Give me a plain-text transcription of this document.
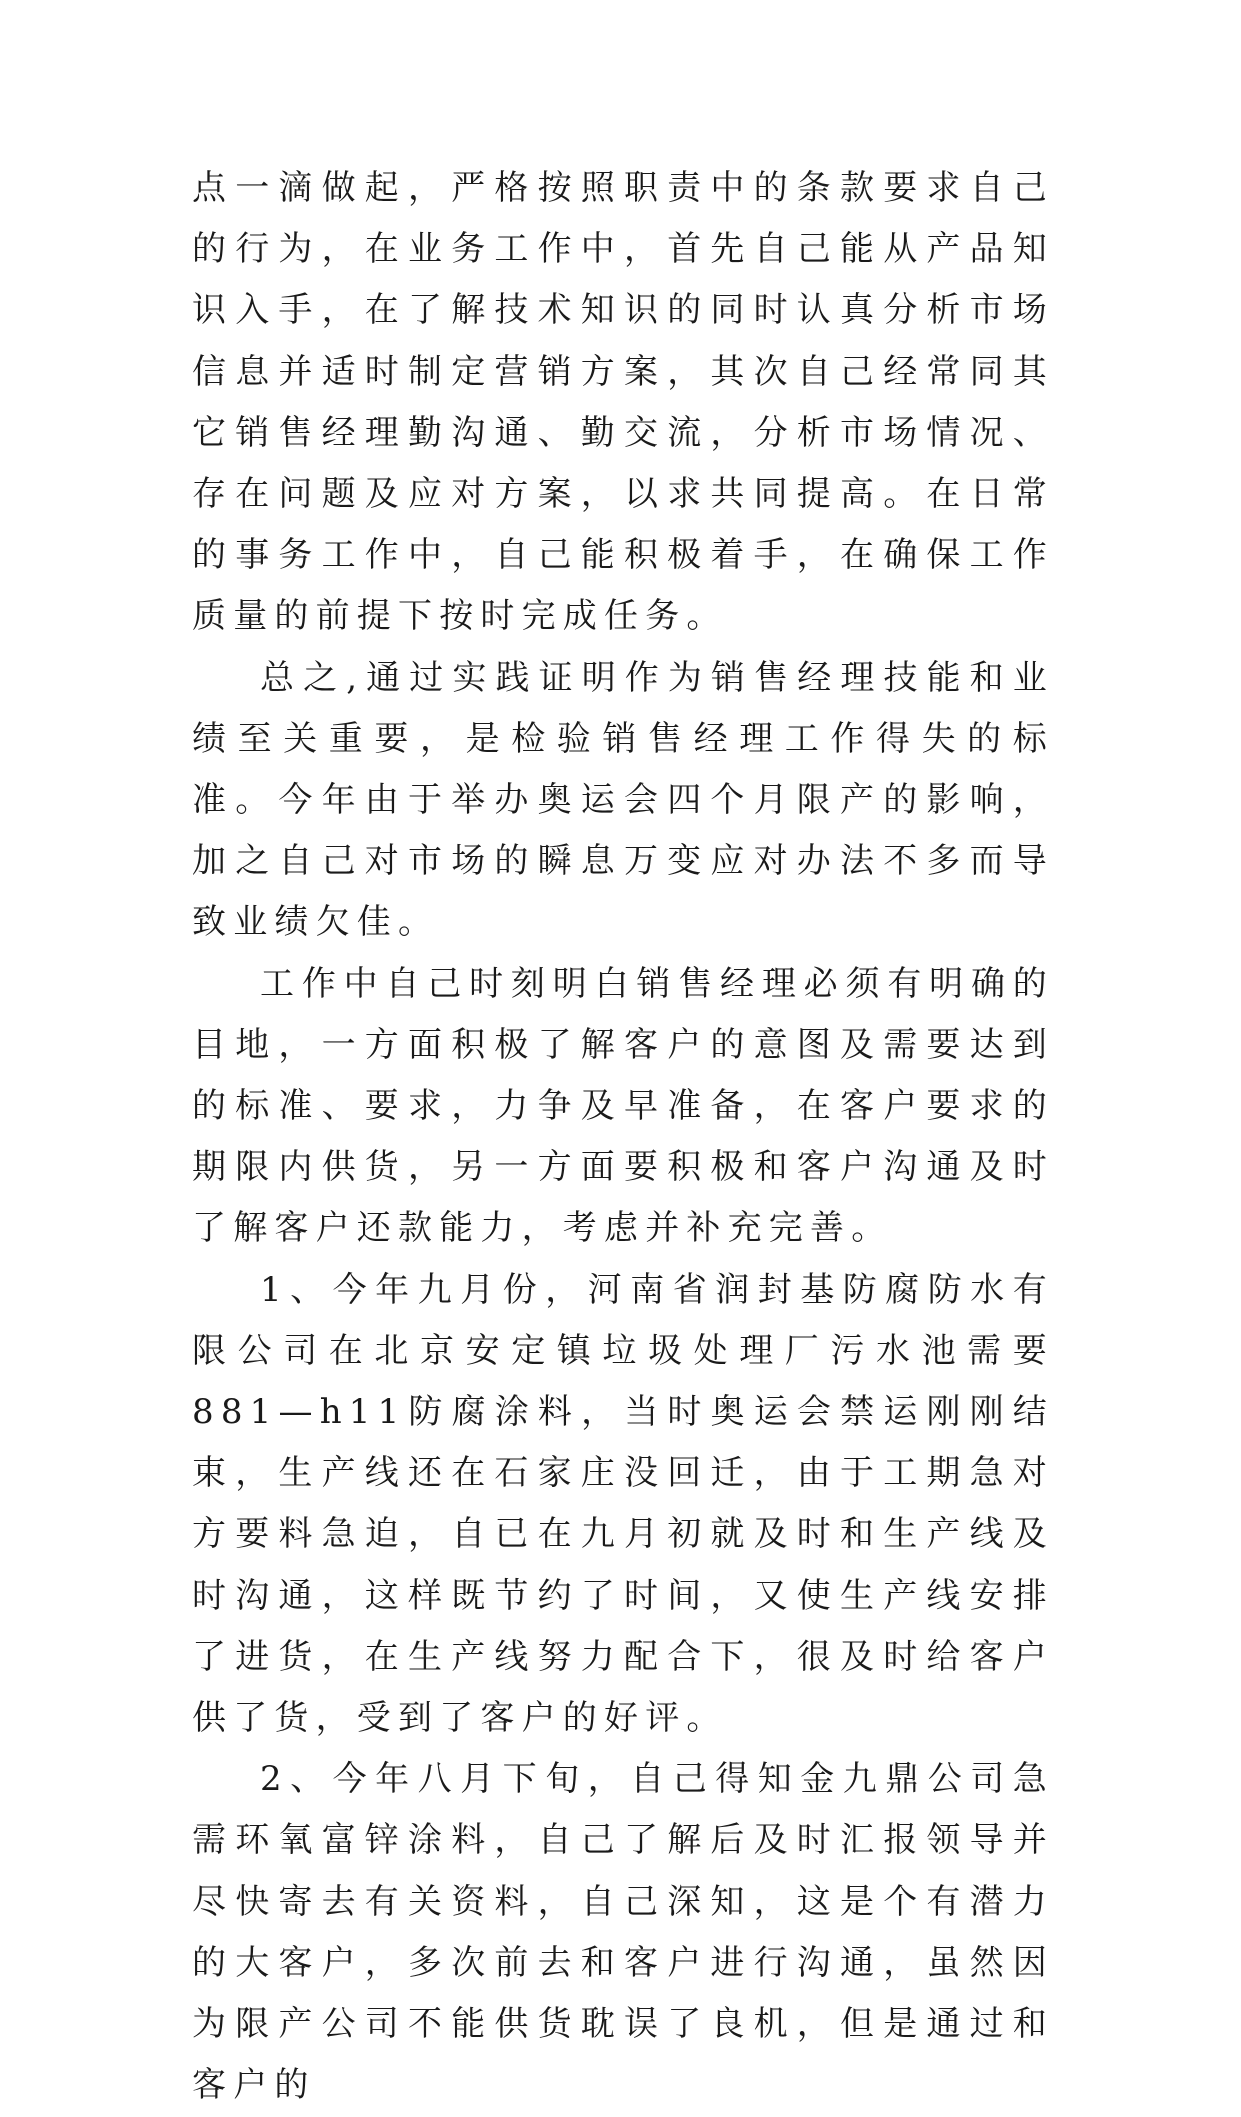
点一滴做起，严格按照职责中的条款要求自己的行为，在业务工作中，首先自己能从产品知识入手，在了解技术知识的同时认真分析市场信息并适时制定营销方案，其次自己经常同其它销售经理勤沟通、勤交流，分析市场情况、存在问题及应对方案，以求共同提高。在日常的事务工作中，自己能积极着手，在确保工作质量的前提下按时完成任务。

总之,通过实践证明作为销售经理技能和业绩至关重要，是检验销售经理工作得失的标准。今年由于举办奥运会四个月限产的影响，加之自己对市场的瞬息万变应对办法不多而导致业绩欠佳。

工作中自己时刻明白销售经理必须有明确的目地，一方面积极了解客户的意图及需要达到的标准、要求，力争及早准备，在客户要求的期限内供货，另一方面要积极和客户沟通及时了解客户还款能力，考虑并补充完善。

1、今年九月份，河南省润封基防腐防水有限公司在北京安定镇垃圾处理厂污水池需要881—h11防腐涂料，当时奥运会禁运刚刚结束，生产线还在石家庄没回迁，由于工期急对方要料急迫，自已在九月初就及时和生产线及时沟通，这样既节约了时间，又使生产线安排了进货，在生产线努力配合下，很及时给客户供了货，受到了客户的好评。

2、今年八月下旬，自己得知金九鼎公司急需环氧富锌涂料，自己了解后及时汇报领导并尽快寄去有关资料，自己深知，这是个有潜力的大客户，多次前去和客户进行沟通，虽然因为限产公司不能供货耽误了良机，但是通过和客户的
